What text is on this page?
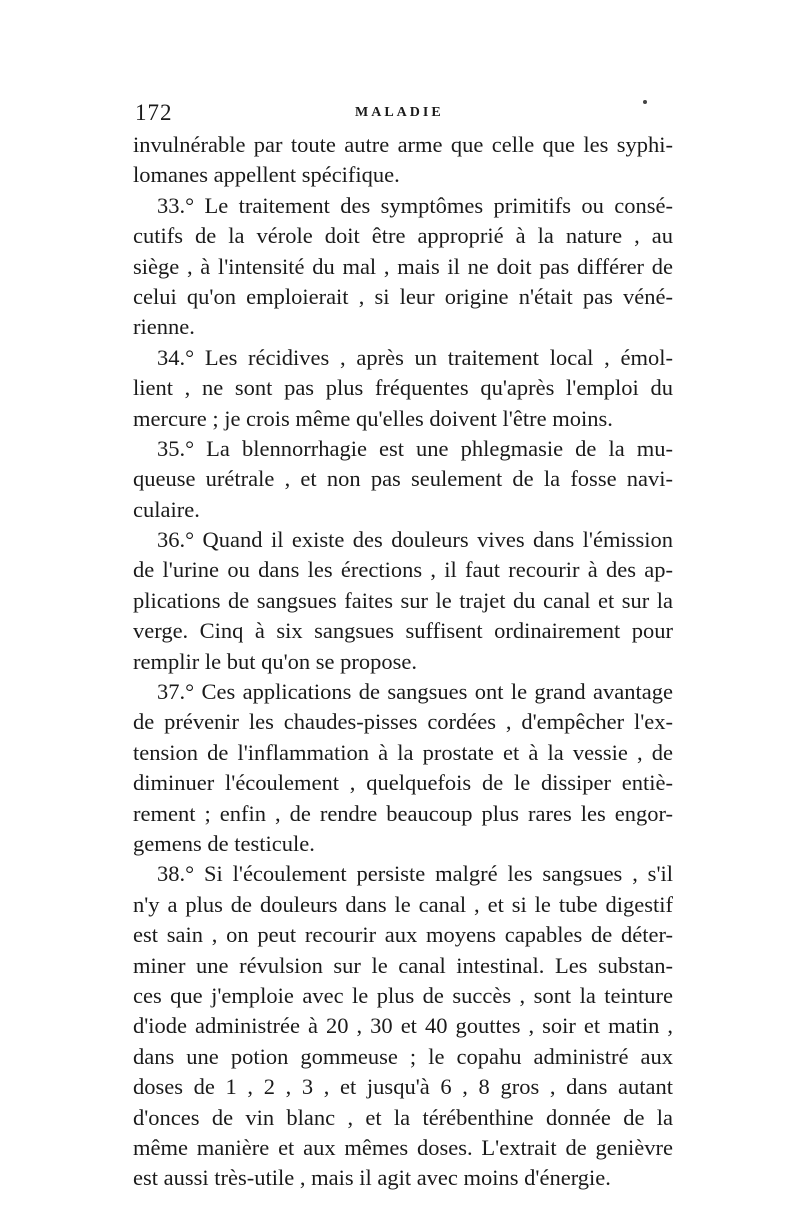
172	MALADIE
invulnérable par toute autre arme que celle que les syphi-
lomanes appellent spécifique.
33.° Le traitement des symptômes primitifs ou consé-
cutifs de la vérole doit être approprié à la nature , au
siège , à l'intensité du mal , mais il ne doit pas différer de
celui qu'on emploierait , si leur origine n'était pas véné-
rienne.
34.° Les récidives , après un traitement local , émol-
lient , ne sont pas plus fréquentes qu'après l'emploi du
mercure ; je crois même qu'elles doivent l'être moins.
35.° La blennorrhagie est une phlegmasie de la mu-
queuse urétrale , et non pas seulement de la fosse navi-
culaire.
36.° Quand il existe des douleurs vives dans l'émission
de l'urine ou dans les érections , il faut recourir à des ap-
plications de sangsues faites sur le trajet du canal et sur la
verge. Cinq à six sangsues suffisent ordinairement pour
remplir le but qu'on se propose.
37.° Ces applications de sangsues ont le grand avantage
de prévenir les chaudes-pisses cordées , d'empêcher l'ex-
tension de l'inflammation à la prostate et à la vessie , de
diminuer l'écoulement , quelquefois de le dissiper entiè-
rement ; enfin , de rendre beaucoup plus rares les engor-
gemens de testicule.
38.° Si l'écoulement persiste malgré les sangsues , s'il
n'y a plus de douleurs dans le canal , et si le tube digestif
est sain , on peut recourir aux moyens capables de déter-
miner une révulsion sur le canal intestinal. Les substan-
ces que j'emploie avec le plus de succès , sont la teinture
d'iode administrée à 20 , 30 et 40 gouttes , soir et matin ,
dans une potion gommeuse ; le copahu administré aux
doses de 1 , 2 , 3 , et jusqu'à 6 , 8 gros , dans autant
d'onces de vin blanc , et la térébenthine donnée de la
même manière et aux mêmes doses. L'extrait de genièvre
est aussi très-utile , mais il agit avec moins d'énergie.
